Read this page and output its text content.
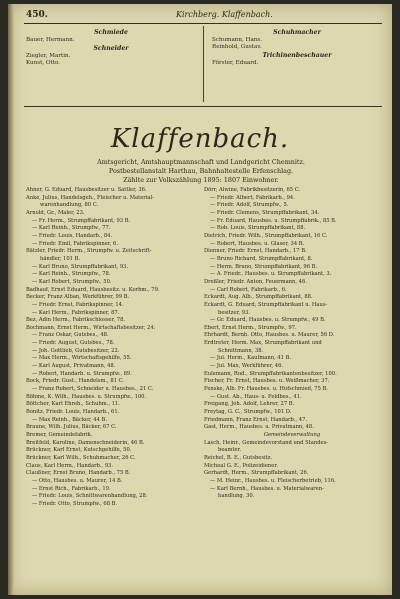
450.	Kirchberg. Klaffenbach.
Schmiede
Bauer, Hermann.
Schneider
Ziegler, Martin.
Kunst, Otto.
Schuhmacher
Schumann, Hans.
Reinhold, Gustav.
Trichinenbeschauer
Förster, Eduard.
Klaffenbach.
Amtsgericht, Amtshauptmannschaft und Landgericht Chemnitz.
Postbestellanstalt Harthau, Bahnhaltestelle Erfenschlag.
Zählte zur Volkszählung 1895: 1807 Einwohner.
Ahner, G. Eduard, Hausbesitzer u. Sattler, 36.
Anke, Julius, Handelsgeh., Fleischer u. Material-
warenhandlung, 80 C.
Arnold, Gr., Maler, 23.
— Fr. Herm., Strumpffabrikant, 93 B.
— Karl Reinh., Strumpfw., 77.
— Friedr. Louis, Handarb., 84.
— Friedr. Emil, Fabrikspinner, 6.
Bätzler, Friedr. Herm., Strumpfw. u. Zeitschrift-
händler, 101 B.
— Karl Bruno, Strumpffabrikant, 93.
— Karl Reinh., Strumpfw., 78.
— Karl Robert, Strumpfw., 50.
Badhauf, Ernst Eduard, Hausbesitz. u. Korbm., 79.
Becker, Franz Alban, Werkführer, 99 B.
— Friedr. Ernst, Fabrikspinner, 14.
— Karl Herm., Fabrikspinner, 87.
Bez, Adin Herm., Fabrikschlosser, 78.
Bochmann, Ernst Herm., Wirtschaftsbesitzer, 24.
— Franz Oskar, Gutsbes., 48.
— Friedr. August, Gutsbes., 78.
— Joh. Gottlieb, Gutsbesitzer, 22.
— Max Herm., Wirtschaftsgehilfe, 55.
— Karl August, Privatmann, 48.
— Robert, Handarb. u. Strumpfw., 89.
Bock, Friedr. Gust., Handelsm., 81 C.
— Franz Robert, Schneider u. Hausbes., 21 C.
Böhme, K. Wilh., Hausbes. u. Strumpfw., 100.
Böttcher, Karl Ehreb., Schuhm., 11.
Bonitz, Friedr. Louis, Handarb., 61.
— Max Reinh., Bäcker, 44 B.
Braune, Wilh. Julius, Bäcker, 67 C.
Bremer, Gemeindefabrik.
Breitfeld, Karoline, Damenschneiderin, 46 B.
Brückner, Karl Ernst, Kutschgehilfe, 50.
Brückner, Karl Wilh., Schuhmacher, 26 C.
Claus, Karl Herm., Handarb., 93.
Claußner, Ernst Bruno, Handarb., 75 B.
— Otto, Hausbes. u. Maurer, 14 B.
— Ernst Rich., Fabrikarb., 19.
— Friedr. Louis, Schnittwarenhandlung, 28.
— Friedr. Otto, Strumpfw., 68 B.
Dörr, Alwine, Fabrikbesitzerin, 65 C.
— Friedr. Albert, Fabrikarb., 94.
— Friedr. Adolf, Strumpfw., 5.
— Friedr. Clemens, Strumpffabrikant, 34.
— Fr. Eduard, Hausbes. u. Strumpffabrik., 85 B.
— Rob. Louis, Strumpffabrikant, 88.
Dietrich, Friedr. Wilh., Strumpffabrikant, 16 C.
— Robert, Hausbes. u. Glaser, 34 B.
Dienner, Friedr. Ernst, Handarb., 17 B.
— Bruno Richard, Strumpffabrikant, 8.
— Herm. Bruno, Strumpffabrikant, 96 B.
— A. Friedr., Hausbes. u. Strumpffabrikant, 3.
Dreßler, Friedr. Anton, Feuermann, 46.
— Carl Robert, Fabrikarb., 6.
Eckardt, Aug. Alb., Strumpffabrikant, 88.
Eckardt, G. Eduard, Strumpffabrikant u. Haus-
besitzer, 93.
— Gr. Eduard, Hausbes. u. Strumpfw., 49 B.
Ebert, Ernst Herm., Strumpfw., 97.
Ehrhardt, Bernh. Otto, Hausbes. u. Maurer, 56 D.
Erdtreter, Herm. Max, Strumpffabrikant und
Schnittmann, 38.
— Jul. Herm., Kaufmann, 41 B.
— Jul. Max, Werkführer, 46.
Eulemann, Rud., Strumpffabrikantenbesitzer, 100.
Fischer, Fr. Ernst, Hausbes. u. Weißmacher, 37.
Fenske, Alb. Fr. Hausbes. u. Hufschmied, 75 B.
— Gust. Ab., Haus- u. Feldbes., 41.
Freigang, Joh. Adolf, Lehrer, 27 B.
Freytag, G. C., Strumpfw., 101 D.
Friedmann, Franz Ernst, Handarb., 47.
Gast, Herm., Hausbes. u. Privatmann, 48.
Gemeindeverwaltung
Lasch, Heinr., Gemeindevorstand und Standes-
beamter.
Reichel, B. E., Gutsbesitz.
Micheal G. E., Polizeidiener.
Gerhardt, Herm., Strumpffabrikant, 26.
— M. Heinr., Hausbes. u. Fleischerbetrieb, 116.
— Karl Bernh., Hausbes. u. Materialwaren-
handlung, 30.
